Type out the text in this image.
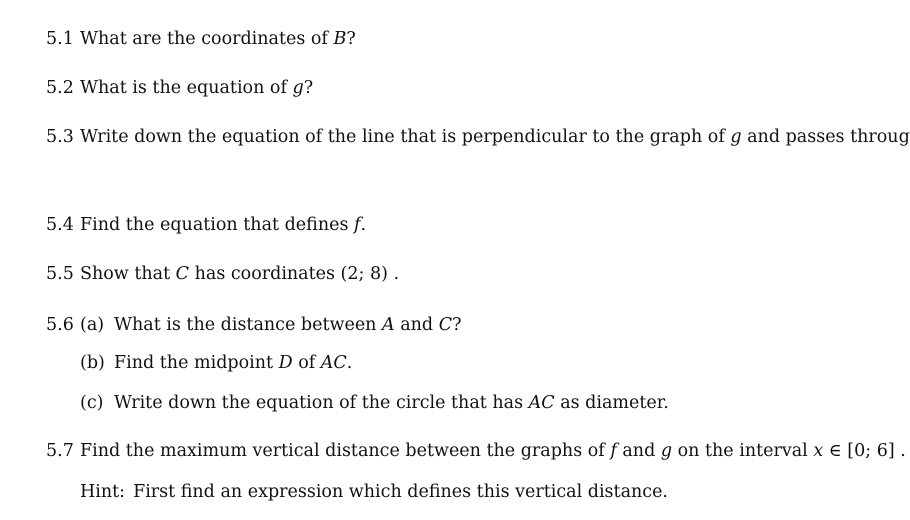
5.1 What are the coordinates of B?
5.2 What is the equation of g?
5.3 Write down the equation of the line that is perpendicular to the graph of g and passes throug
5.4 Find the equation that defines f.
5.5 Show that C has coordinates (2; 8) .
5.6 (a) What is the distance between A and C?
(b) Find the midpoint D of AC.
(c) Write down the equation of the circle that has AC as diameter.
5.7 Find the maximum vertical distance between the graphs of f and g on the interval x ∈ [0; 6] .
Hint: First find an expression which defines this vertical distance.
